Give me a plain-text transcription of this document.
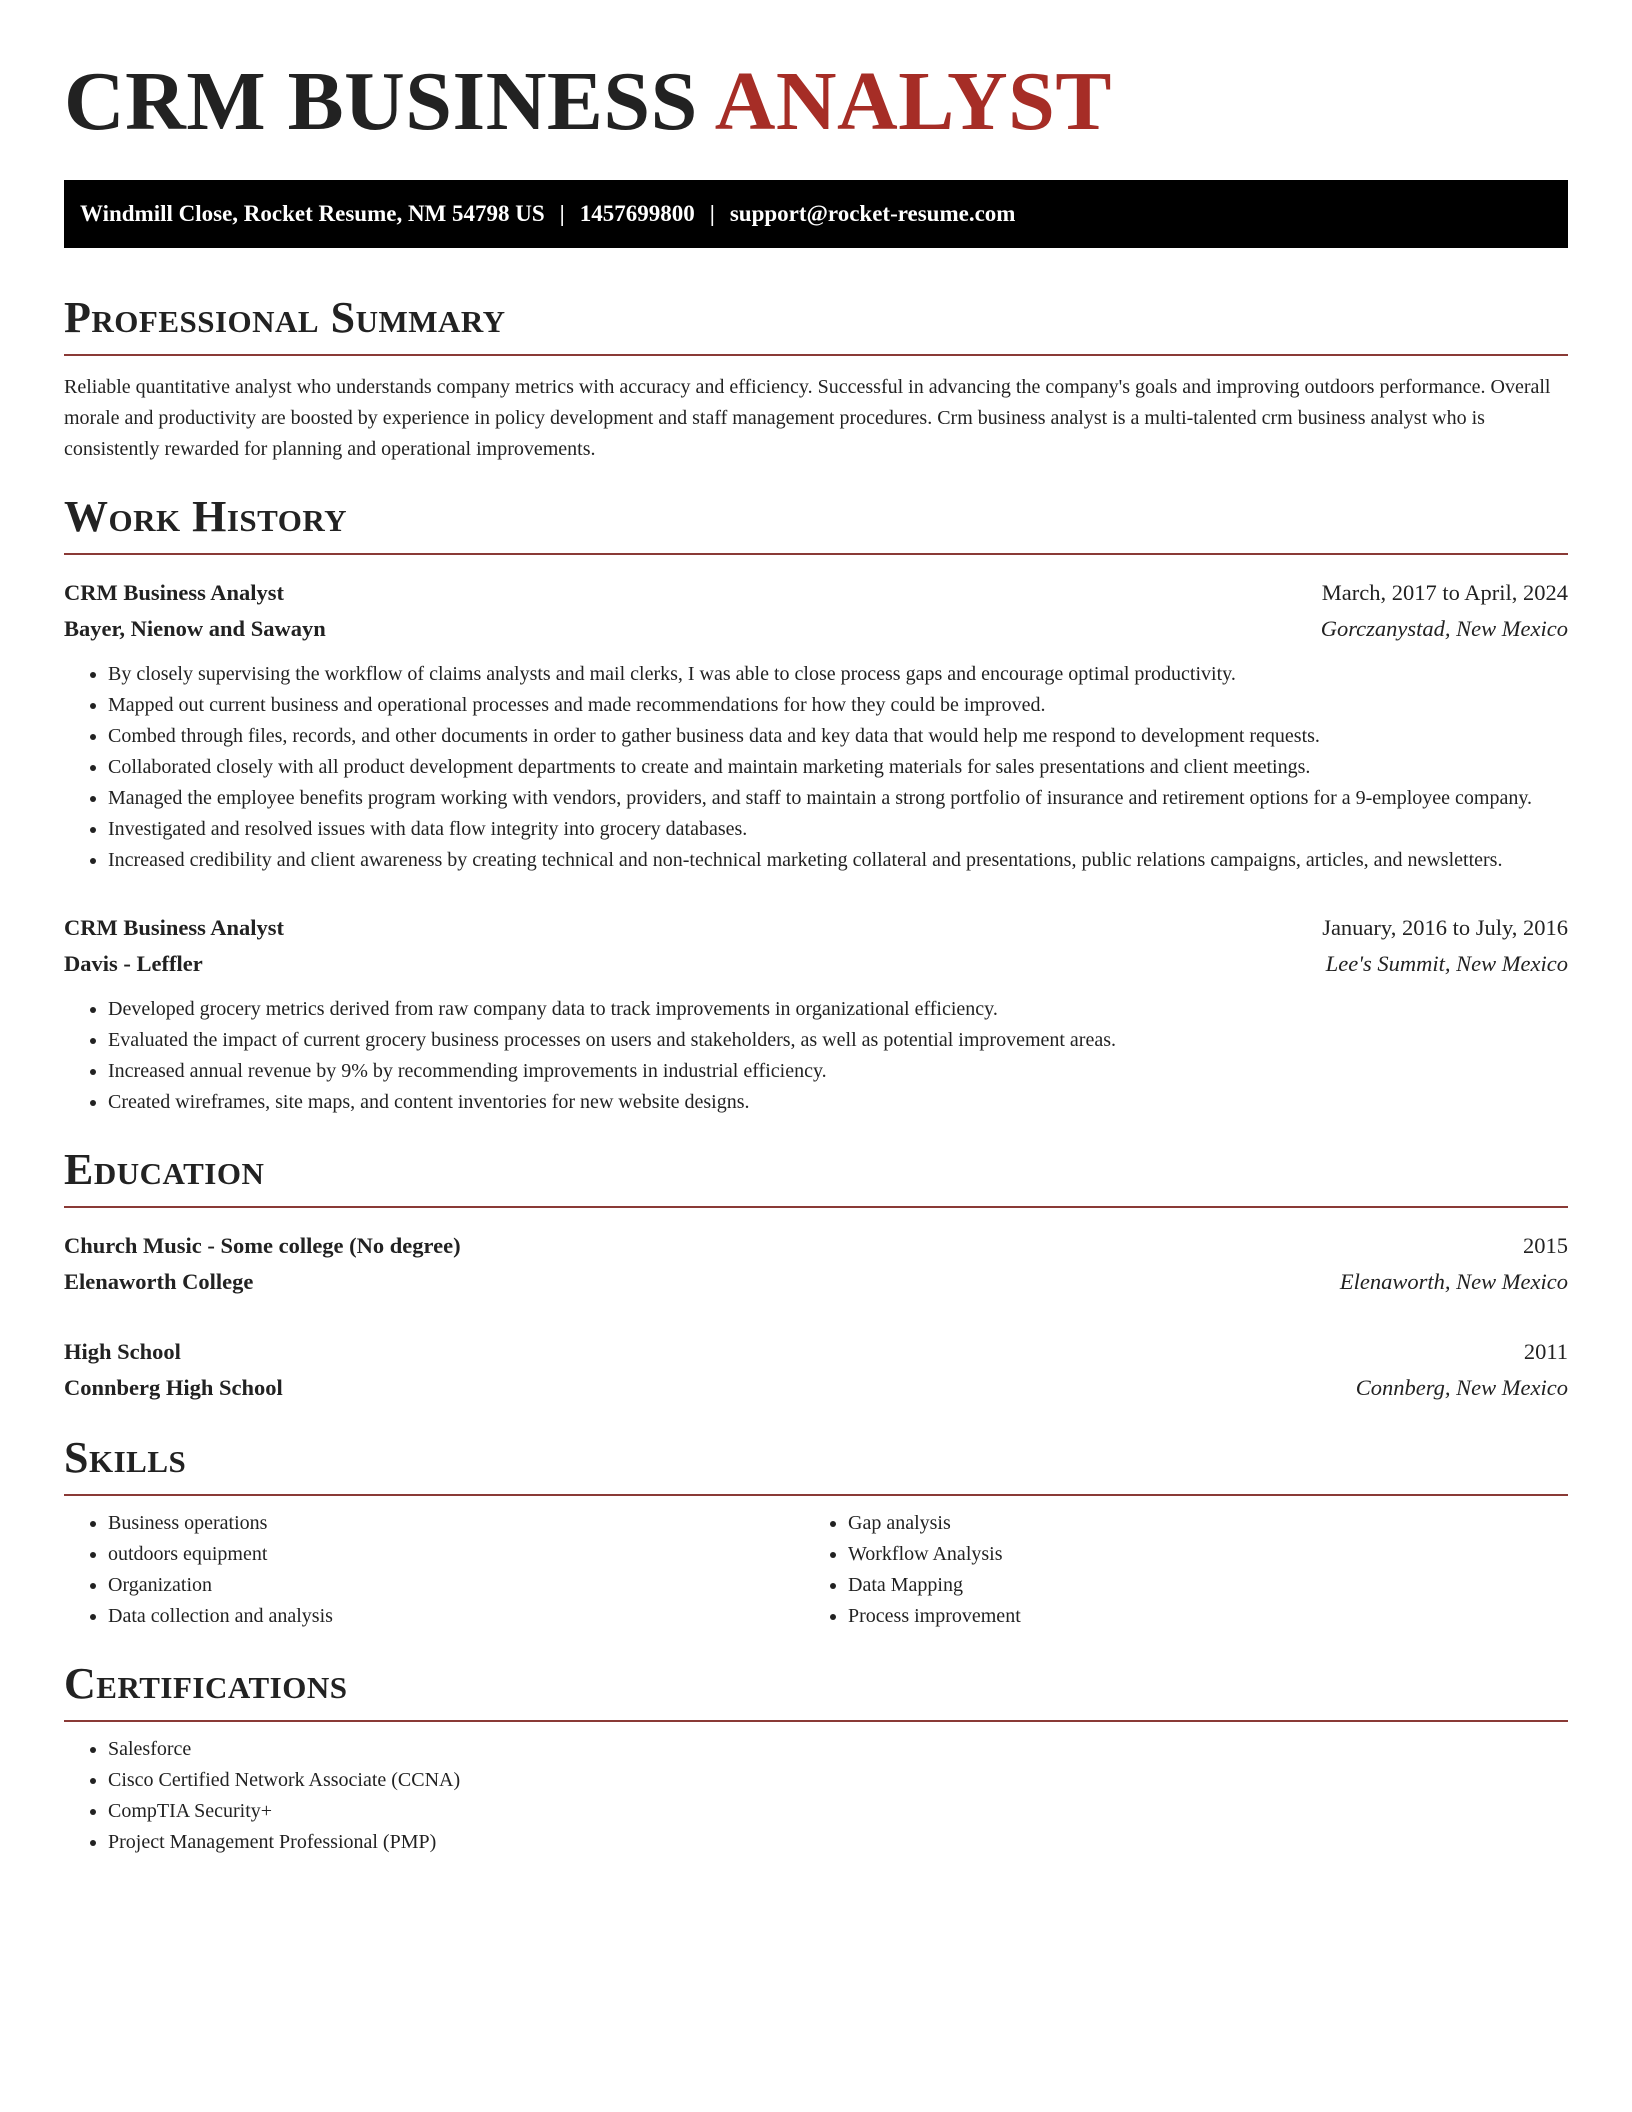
CRM BUSINESS ANALYST
Windmill Close, Rocket Resume, NM 54798 US | 1457699800 | support@rocket-resume.com
Professional Summary

Reliable quantitative analyst who understands company metrics with accuracy and efficiency. Successful in advancing the company's goals and improving outdoors performance. Overall morale and productivity are boosted by experience in policy development and staff management procedures. Crm business analyst is a multi-talented crm business analyst who is consistently rewarded for planning and operational improvements.

Work History
CRM Business Analyst	March, 2017 to April, 2024
Bayer, Nienow and Sawayn	Gorczanystad, New Mexico
• By closely supervising the workflow of claims analysts and mail clerks, I was able to close process gaps and encourage optimal productivity.
• Mapped out current business and operational processes and made recommendations for how they could be improved.
• Combed through files, records, and other documents in order to gather business data and key data that would help me respond to development requests.
• Collaborated closely with all product development departments to create and maintain marketing materials for sales presentations and client meetings.
• Managed the employee benefits program working with vendors, providers, and staff to maintain a strong portfolio of insurance and retirement options for a 9-employee company.
• Investigated and resolved issues with data flow integrity into grocery databases.
• Increased credibility and client awareness by creating technical and non-technical marketing collateral and presentations, public relations campaigns, articles, and newsletters.
CRM Business Analyst	January, 2016 to July, 2016
Davis - Leffler	Lee's Summit, New Mexico
• Developed grocery metrics derived from raw company data to track improvements in organizational efficiency.
• Evaluated the impact of current grocery business processes on users and stakeholders, as well as potential improvement areas.
• Increased annual revenue by 9% by recommending improvements in industrial efficiency.
• Created wireframes, site maps, and content inventories for new website designs.
Education
Church Music - Some college (No degree)	2015
Elenaworth College	Elenaworth, New Mexico
High School	2011
Connberg High School	Connberg, New Mexico
Skills
• Business operations
• outdoors equipment
• Organization
• Data collection and analysis
• Gap analysis
• Workflow Analysis
• Data Mapping
• Process improvement
Certifications
• Salesforce
• Cisco Certified Network Associate (CCNA)
• CompTIA Security+
• Project Management Professional (PMP)
